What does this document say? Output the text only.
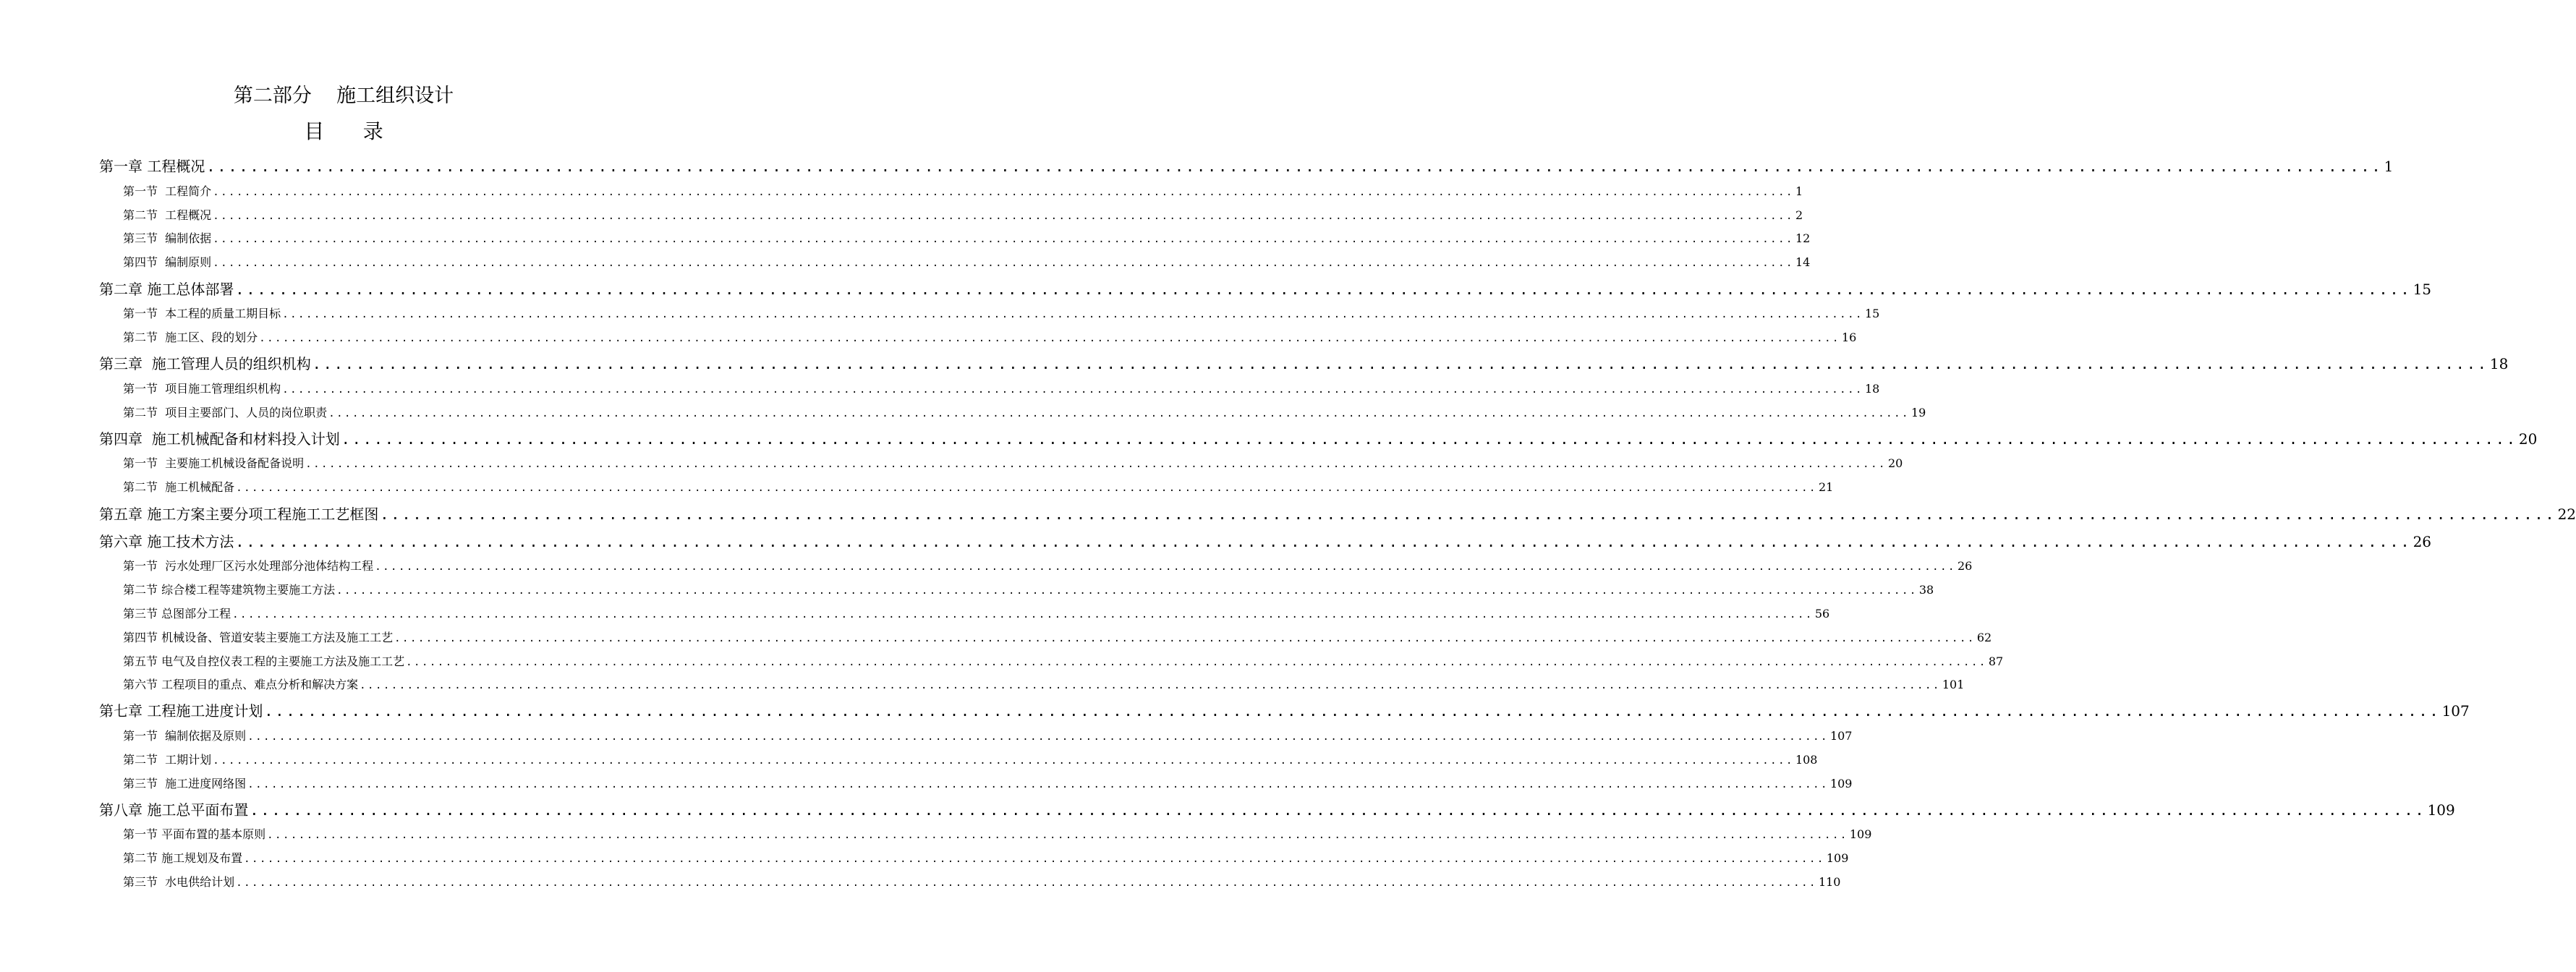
第二部分    施工组织设计
目      录
第一章 工程概况 ........................................................................................................................................................................................................ 1
第一节  工程简介 ........................................................................................................................................................................................................ 1
第二节  工程概况 ........................................................................................................................................................................................................ 2
第三节  编制依据 ........................................................................................................................................................................................................ 12
第四节  编制原则 ........................................................................................................................................................................................................ 14
第二章 施工总体部署 ........................................................................................................................................................................................................ 15
第一节  本工程的质量工期目标 ........................................................................................................................................................................................................ 15
第二节  施工区、段的划分 ........................................................................................................................................................................................................ 16
第三章  施工管理人员的组织机构 ........................................................................................................................................................................................................ 18
第一节  项目施工管理组织机构 ........................................................................................................................................................................................................ 18
第二节  项目主要部门、人员的岗位职责 ........................................................................................................................................................................................................ 19
第四章  施工机械配备和材料投入计划 ........................................................................................................................................................................................................ 20
第一节  主要施工机械设备配备说明 ........................................................................................................................................................................................................ 20
第二节  施工机械配备 ........................................................................................................................................................................................................ 21
第五章 施工方案主要分项工程施工工艺框图 ........................................................................................................................................................................................................ 22
第六章 施工技术方法 ........................................................................................................................................................................................................ 26
第一节  污水处理厂区污水处理部分池体结构工程 ........................................................................................................................................................................................................ 26
第二节 综合楼工程等建筑物主要施工方法 ........................................................................................................................................................................................................ 38
第三节 总图部分工程 ........................................................................................................................................................................................................ 56
第四节 机械设备、管道安装主要施工方法及施工工艺 ........................................................................................................................................................................................................ 62
第五节 电气及自控仪表工程的主要施工方法及施工工艺 ........................................................................................................................................................................................................ 87
第六节 工程项目的重点、难点分析和解决方案 ........................................................................................................................................................................................................ 101
第七章 工程施工进度计划 ........................................................................................................................................................................................................ 107
第一节  编制依据及原则 ........................................................................................................................................................................................................ 107
第二节  工期计划 ........................................................................................................................................................................................................ 108
第三节  施工进度网络图 ........................................................................................................................................................................................................ 109
第八章 施工总平面布置 ........................................................................................................................................................................................................ 109
第一节 平面布置的基本原则 ........................................................................................................................................................................................................ 109
第二节 施工规划及布置 ........................................................................................................................................................................................................ 109
第三节  水电供给计划 ........................................................................................................................................................................................................ 110
